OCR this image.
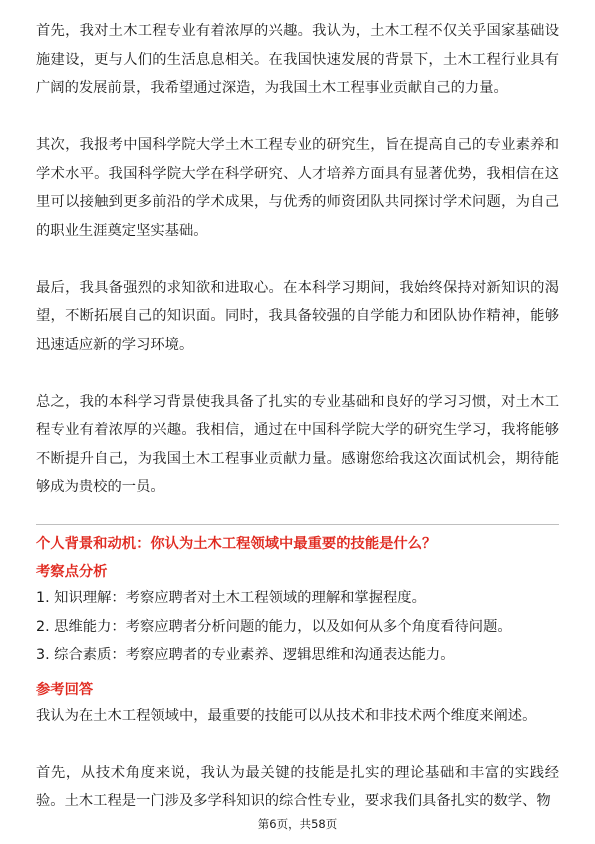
首先，我对土木工程专业有着浓厚的兴趣。我认为，土木工程不仅关乎国家基础设施建设，更与人们的生活息息相关。在我国快速发展的背景下，土木工程行业具有广阔的发展前景，我希望通过深造，为我国土木工程事业贡献自己的力量。

其次，我报考中国科学院大学土木工程专业的研究生，旨在提高自己的专业素养和学术水平。我国科学院大学在科学研究、人才培养方面具有显著优势，我相信在这里可以接触到更多前沿的学术成果，与优秀的师资团队共同探讨学术问题，为自己的职业生涯奠定坚实基础。

最后，我具备强烈的求知欲和进取心。在本科学习期间，我始终保持对新知识的渴望，不断拓展自己的知识面。同时，我具备较强的自学能力和团队协作精神，能够迅速适应新的学习环境。

总之，我的本科学习背景使我具备了扎实的专业基础和良好的学习习惯，对土木工程专业有着浓厚的兴趣。我相信，通过在中国科学院大学的研究生学习，我将能够不断提升自己，为我国土木工程事业贡献力量。感谢您给我这次面试机会，期待能够成为贵校的一员。

个人背景和动机：你认为土木工程领域中最重要的技能是什么？

考察点分析

1. 知识理解：考察应聘者对土木工程领域的理解和掌握程度。

2. 思维能力：考察应聘者分析问题的能力，以及如何从多个角度看待问题。

3. 综合素质：考察应聘者的专业素养、逻辑思维和沟通表达能力。

参考回答

我认为在土木工程领域中，最重要的技能可以从技术和非技术两个维度来阐述。

首先，从技术角度来说，我认为最关键的技能是扎实的理论基础和丰富的实践经验。土木工程是一门涉及多学科知识的综合性专业，要求我们具备扎实的数学、物

第6页，共58页
